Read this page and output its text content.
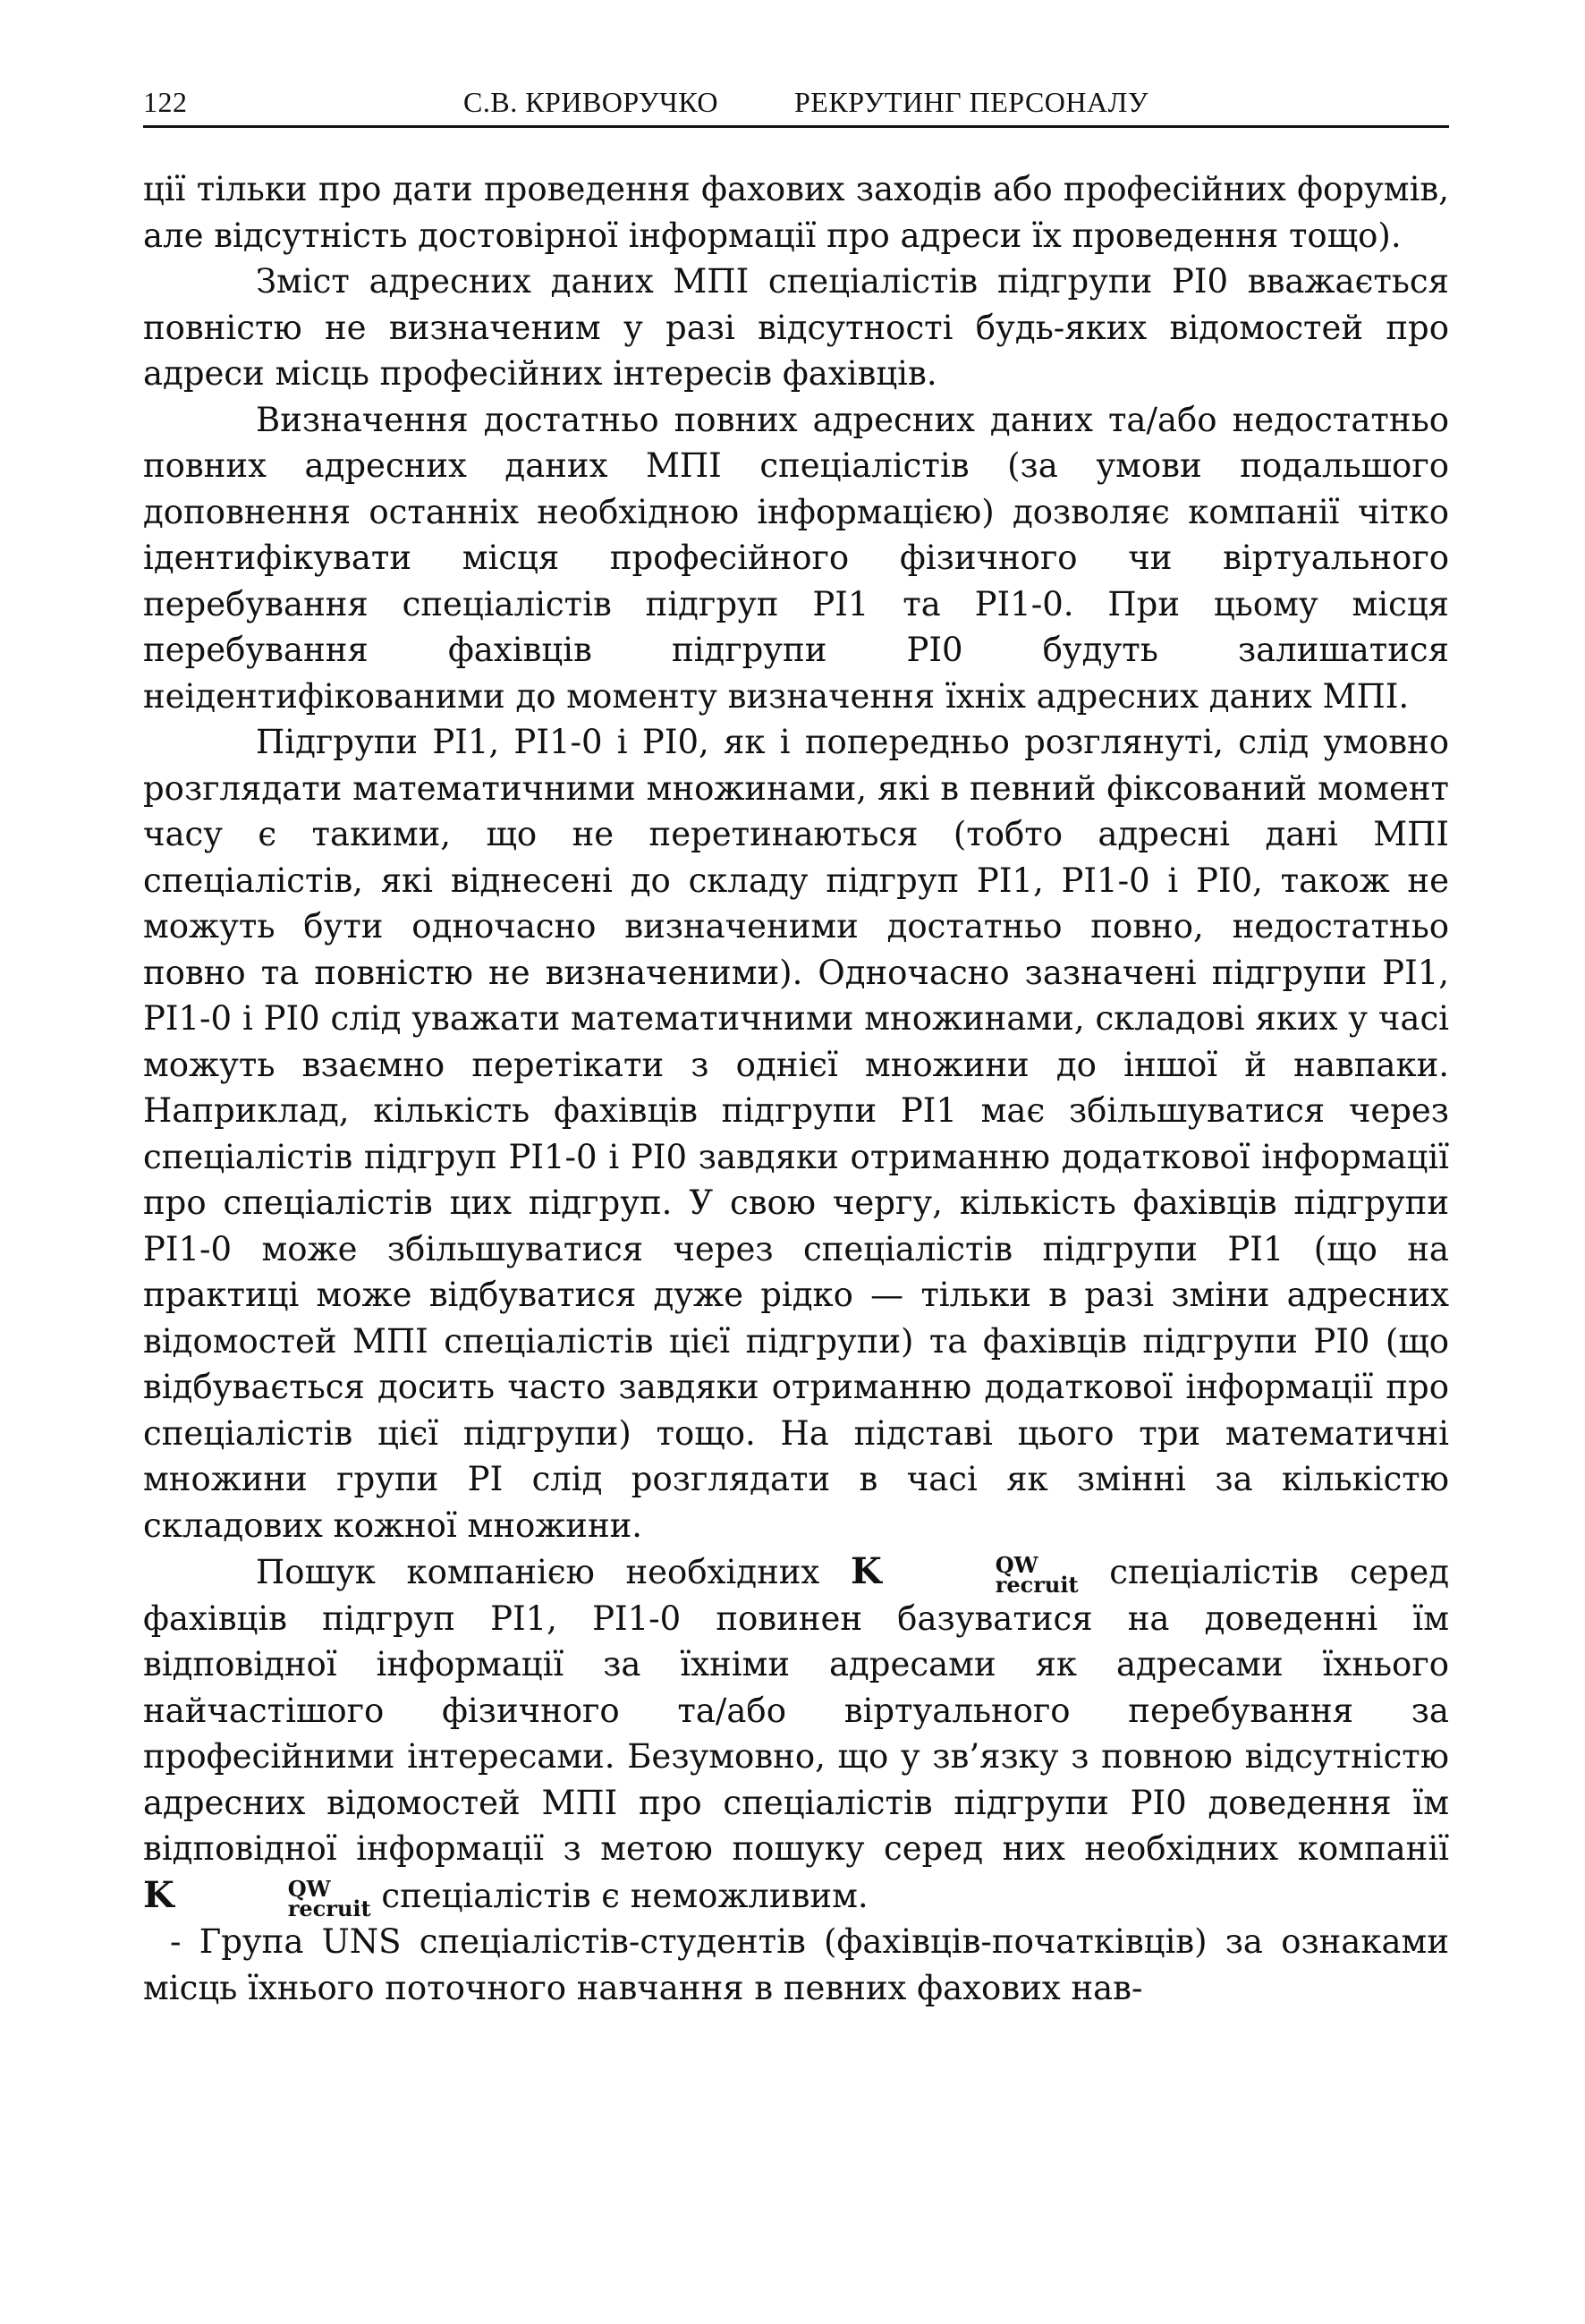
122	С.В. КРИВОРУЧКО	РЕКРУТИНГ ПЕРСОНАЛУ

ції тільки про дати проведення фахових заходів або професійних форумів, але відсутність достовірної інформації про адреси їх проведення тощо).

Зміст адресних даних МПІ спеціалістів підгрупи РІ0 вважається повністю не визначеним у разі відсутності будь-яких відомостей про адреси місць професійних інтересів фахівців.

Визначення достатньо повних адресних даних та/або недостатньо повних адресних даних МПІ спеціалістів (за умови подальшого доповнення останніх необхідною інформацією) дозволяє компанії чітко ідентифікувати місця професійного фізичного чи віртуального перебування спеціалістів підгруп РІ1 та РІ1-0. При цьому місця перебування фахівців підгрупи РІ0 будуть залишатися неідентифікованими до моменту визначення їхніх адресних даних МПІ.

Підгрупи РІ1, РІ1-0 і РІ0, як і попередньо розглянуті, слід умовно розглядати математичними множинами, які в певний фіксований момент часу є такими, що не перетинаються (тобто адресні дані МПІ спеціалістів, які віднесені до складу підгруп РІ1, РІ1-0 і РІ0, також не можуть бути одночасно визначеними достатньо повно, недостатньо повно та повністю не визначеними). Одночасно зазначені підгрупи РІ1, РІ1-0 і РІ0 слід уважати математичними множинами, складові яких у часі можуть взаємно перетікати з однієї множини до іншої й навпаки. Наприклад, кількість фахівців підгрупи РІ1 має збільшуватися через спеціалістів підгруп РІ1-0 і РІ0 завдяки отриманню додаткової інформації про спеціалістів цих підгруп. У свою чергу, кількість фахівців підгрупи РІ1-0 може збільшуватися через спеціалістів підгрупи РІ1 (що на практиці може відбуватися дуже рідко — тільки в разі зміни адресних відомостей МПІ спеціалістів цієї підгрупи) та фахівців підгрупи РІ0 (що відбувається досить часто завдяки отриманню додаткової інформації про спеціалістів цієї підгрупи) тощо. На підставі цього три математичні множини групи РІ слід розглядати в часі як змінні за кількістю складових кожної множини.

Пошук компанією необхідних K	QW
recruit спеціалістів серед фахівців підгруп РІ1, РІ1-0 повинен базуватися на доведенні їм відповідної інформації за їхніми адресами як адресами їхнього найчастішого фізичного та/або віртуального перебування за професійними інтересами. Безумовно, що у зв’язку з повною відсутністю адресних відомостей МПІ про спеціалістів підгрупи РІ0 доведення їм відповідної інформації з метою пошуку серед них необхідних компанії K	QW
recruit спеціалістів є неможливим.

- Група UNS спеціалістів-студентів (фахівців-початківців) за ознаками місць їхнього поточного навчання в певних фахових нав-
